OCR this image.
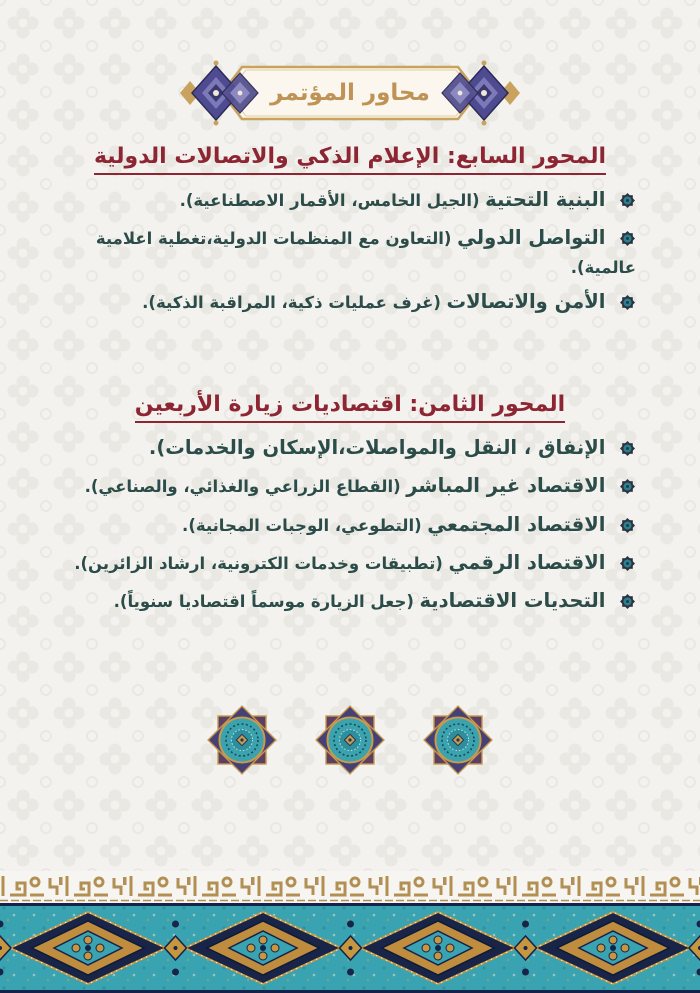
محاور المؤتمر
المحور السابع: الإعلام الذكي والاتصالات الدولية
البنية التحتية (الجيل الخامس، الأقمار الاصطناعية).
التواصل الدولي (التعاون مع المنظمات الدولية،تغطية اعلامية عالمية).
الأمن والاتصالات (غرف عمليات ذكية، المراقبة الذكية).
المحور الثامن: اقتصاديات زيارة الأربعين
الإنفاق ، النقل والمواصلات،الإسكان والخدمات).
الاقتصاد غير المباشر (القطاع الزراعي والغذائي، والصناعي).
الاقتصاد المجتمعي (التطوعي، الوجبات المجانية).
الاقتصاد الرقمي (تطبيقات وخدمات الكترونية، ارشاد الزائرين).
التحديات الاقتصادية (جعل الزيارة موسماً اقتصاديا سنوياً).
